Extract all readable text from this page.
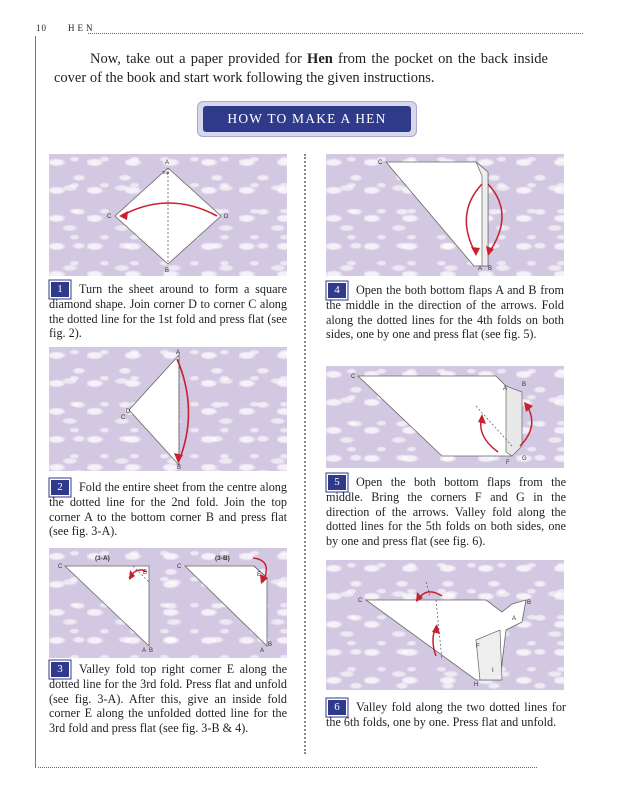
10 HEN

Now, take out a paper provided for Hen from the pocket on the back inside cover of the book and start work following the given instructions.

HOW TO MAKE A HEN
A
Top
C	D
B
1 Turn the sheet around to form a square diamond shape. Join corner D to corner C along the dotted line for the 1st fold and press flat (see fig. 2).
A
C
D
B
2 Fold the entire sheet from the centre along the dotted line for the 2nd fold. Join the top corner A to the bottom corner B and press flat (see fig. 3-A).
(3-A)
C
E
A B
(3-B)
C
E
A
B
3 Valley fold top right corner E along the dotted line for the 3rd fold. Press flat and unfold (see fig. 3-A). After this, give an inside fold corner E along the unfolded dotted line for the 3rd fold and press flat (see fig. 3-B & 4).
C
A B
4 Open the both bottom flaps A and B from the middle in the direction of the arrows. Fold along the dotted lines for the 4th folds on both sides, one by one and press flat (see fig. 5).
C
A
B
F
G
5 Open the both bottom flaps from the middle. Bring the corners F and G in the direction of the arrows. Valley fold along the dotted lines for the 5th folds on both sides, one by one and press flat (see fig. 6).
C	B
A
F
I
H
6 Valley fold along the two dotted lines for the 6th folds, one by one. Press flat and unfold.
